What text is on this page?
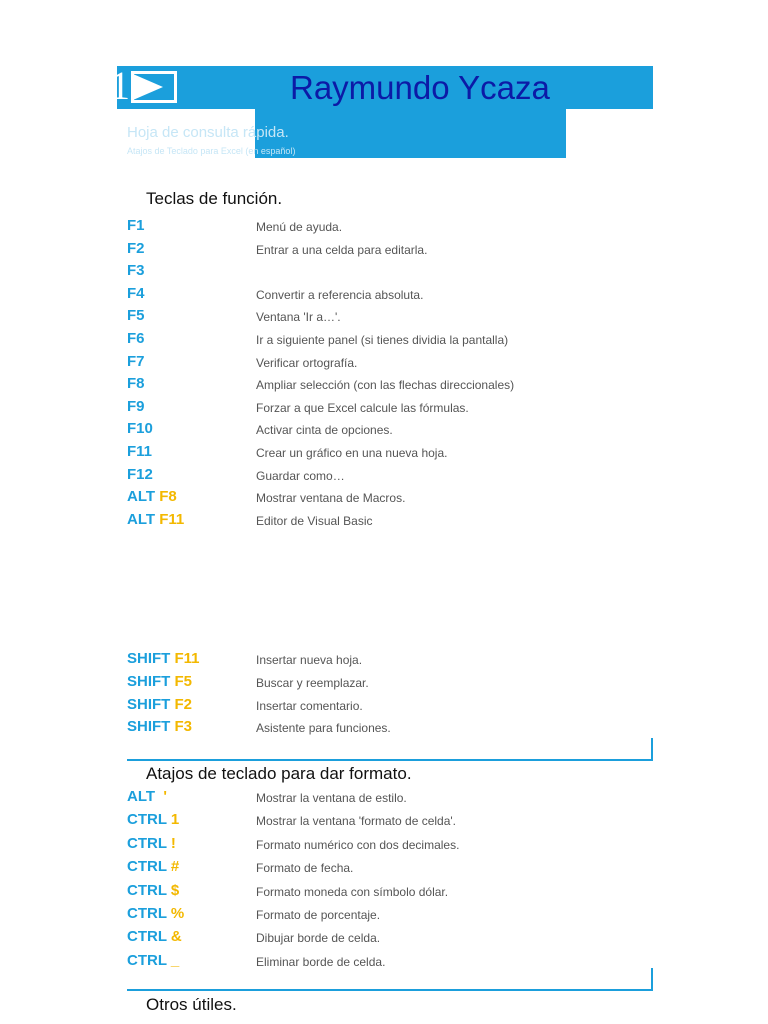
1	Raymundo Ycaza
Hoja de consulta rápida.
Atajos de Teclado para Excel (en español)
Teclas de función.
F1	Menú de ayuda.
F2	Entrar a una celda para editarla.
F3
F4	Convertir a referencia absoluta.
F5	Ventana 'Ir a…'.
F6	Ir a siguiente panel (si tienes dividia la pantalla)
F7	Verificar ortografía.
F8	Ampliar selección (con las flechas direccionales)
F9	Forzar a que Excel calcule las fórmulas.
F10	Activar cinta de opciones.
F11	Crear un gráfico en una nueva hoja.
F12	Guardar como…
ALT F8	Mostrar ventana de Macros.
ALT F11	Editor de Visual Basic
SHIFT F11	Insertar nueva hoja.
SHIFT F5	Buscar y reemplazar.
SHIFT F2	Insertar comentario.
SHIFT F3	Asistente para funciones.
Atajos de teclado para dar formato.
ALT  '	Mostrar la ventana de estilo.
CTRL 1	Mostrar la ventana 'formato de celda'.
CTRL !	Formato numérico con dos decimales.
CTRL #	Formato de fecha.
CTRL $	Formato moneda con símbolo dólar.
CTRL %	Formato de porcentaje.
CTRL &	Dibujar borde de celda.
CTRL _	Eliminar borde de celda.
Otros útiles.
